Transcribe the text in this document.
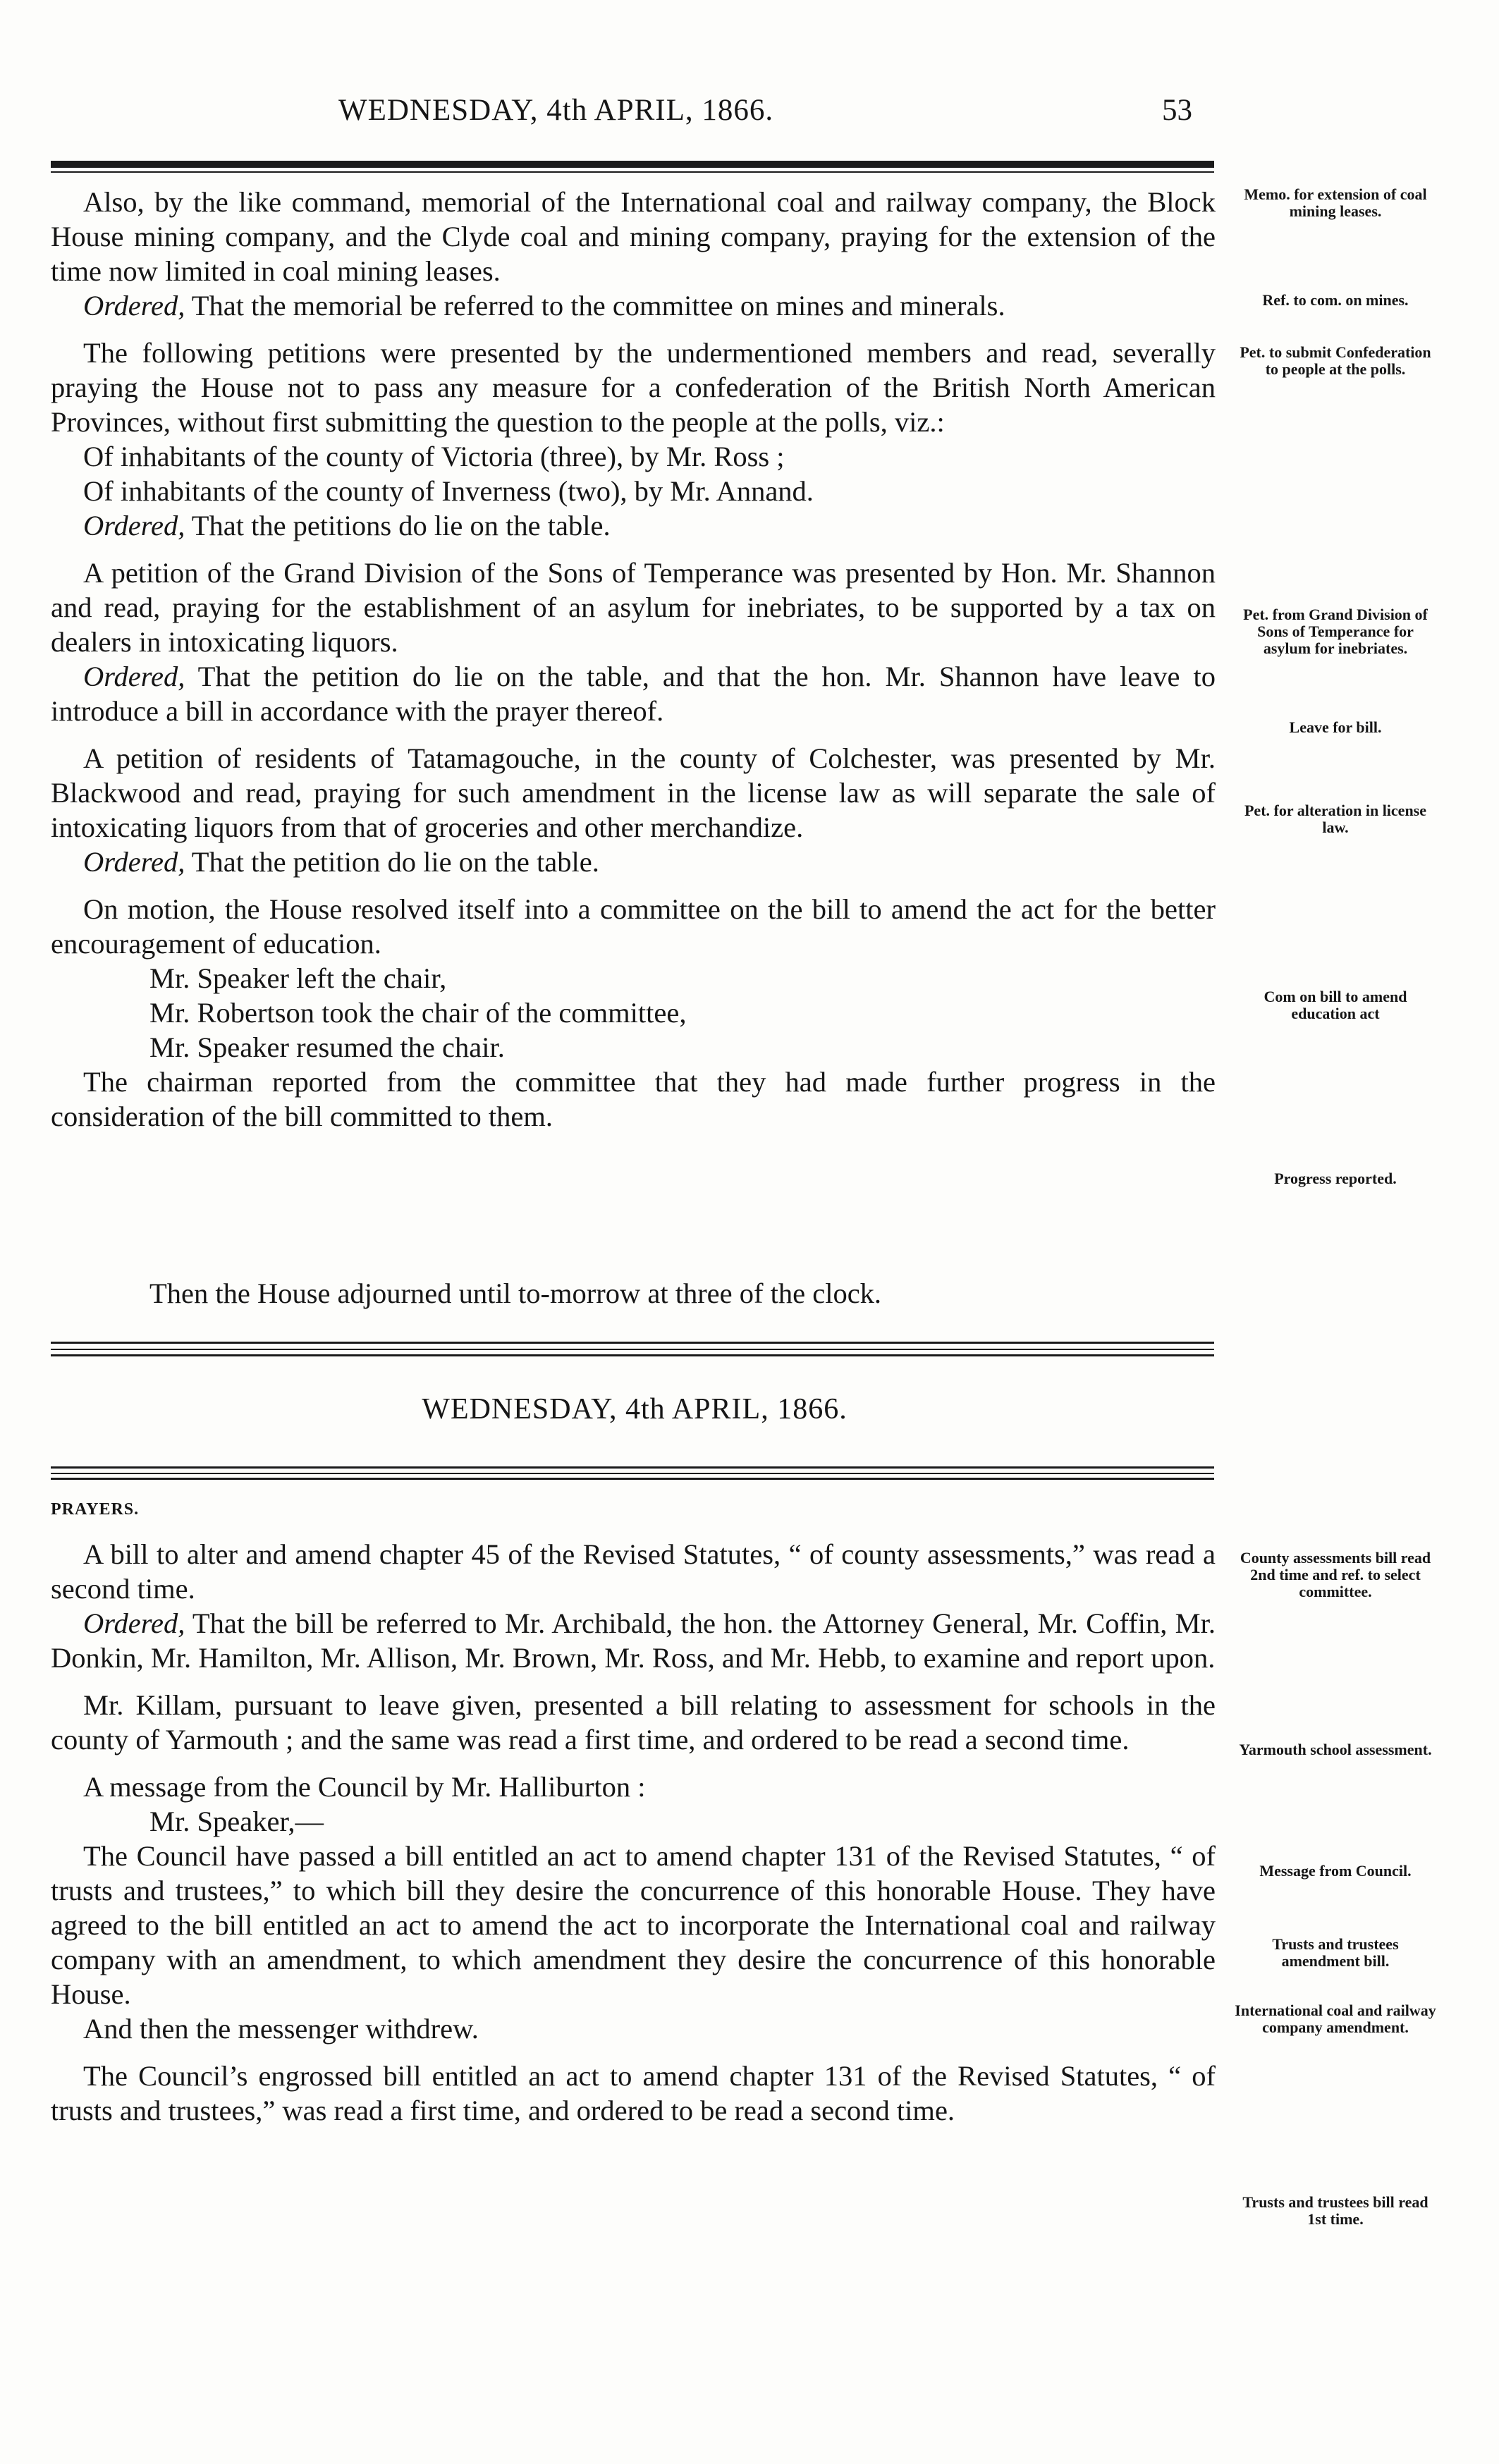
WEDNESDAY, 4th APRIL, 1866.	53

Also, by the like command, memorial of the International coal and railway company, the Block House mining company, and the Clyde coal and mining company, praying for the extension of the time now limited in coal mining leases.

Ordered, That the memorial be referred to the committee on mines and minerals.

The following petitions were presented by the undermentioned members and read, severally praying the House not to pass any measure for a confederation of the British North American Provinces, without first submitting the question to the people at the polls, viz.:

Of inhabitants of the county of Victoria (three), by Mr. Ross ;

Of inhabitants of the county of Inverness (two), by Mr. Annand.

Ordered, That the petitions do lie on the table.

A petition of the Grand Division of the Sons of Temperance was presented by Hon. Mr. Shannon and read, praying for the establishment of an asylum for inebriates, to be supported by a tax on dealers in intoxicating liquors.

Ordered, That the petition do lie on the table, and that the hon. Mr. Shannon have leave to introduce a bill in accordance with the prayer thereof.

A petition of residents of Tatamagouche, in the county of Colchester, was presented by Mr. Blackwood and read, praying for such amendment in the license law as will separate the sale of intoxicating liquors from that of groceries and other merchandize.

Ordered, That the petition do lie on the table.

On motion, the House resolved itself into a committee on the bill to amend the act for the better encouragement of education.

Mr. Speaker left the chair,

Mr. Robertson took the chair of the committee,

Mr. Speaker resumed the chair.

The chairman reported from the committee that they had made further progress in the consideration of the bill committed to them.

Then the House adjourned until to-morrow at three of the clock.

WEDNESDAY, 4th APRIL, 1866.
PRAYERS.

A bill to alter and amend chapter 45 of the Revised Statutes, “ of county assessments,” was read a second time.

Ordered, That the bill be referred to Mr. Archibald, the hon. the Attorney General, Mr. Coffin, Mr. Donkin, Mr. Hamilton, Mr. Allison, Mr. Brown, Mr. Ross, and Mr. Hebb, to examine and report upon.

Mr. Killam, pursuant to leave given, presented a bill relating to assessment for schools in the county of Yarmouth ; and the same was read a first time, and ordered to be read a second time.

A message from the Council by Mr. Halliburton :

Mr. Speaker,—

The Council have passed a bill entitled an act to amend chapter 131 of the Revised Statutes, “ of trusts and trustees,” to which bill they desire the concurrence of this honorable House. They have agreed to the bill entitled an act to amend the act to incorporate the International coal and railway company with an amendment, to which amendment they desire the concurrence of this honorable House.

And then the messenger withdrew.

The Council’s engrossed bill entitled an act to amend chapter 131 of the Revised Statutes, “ of trusts and trustees,” was read a first time, and ordered to be read a second time.

Memo. for extension of coal mining leases.
Ref. to com. on mines.
Pet. to submit Confederation to people at the polls.
Pet. from Grand Division of Sons of Temperance for asylum for inebriates.
Leave for bill.
Pet. for alteration in license law.
Com on bill to amend education act
Progress reported.
County assessments bill read 2nd time and ref. to select committee.
Yarmouth school assessment.
Message from Council.
Trusts and trustees amendment bill.
International coal and railway company amendment.
Trusts and trustees bill read 1st time.
